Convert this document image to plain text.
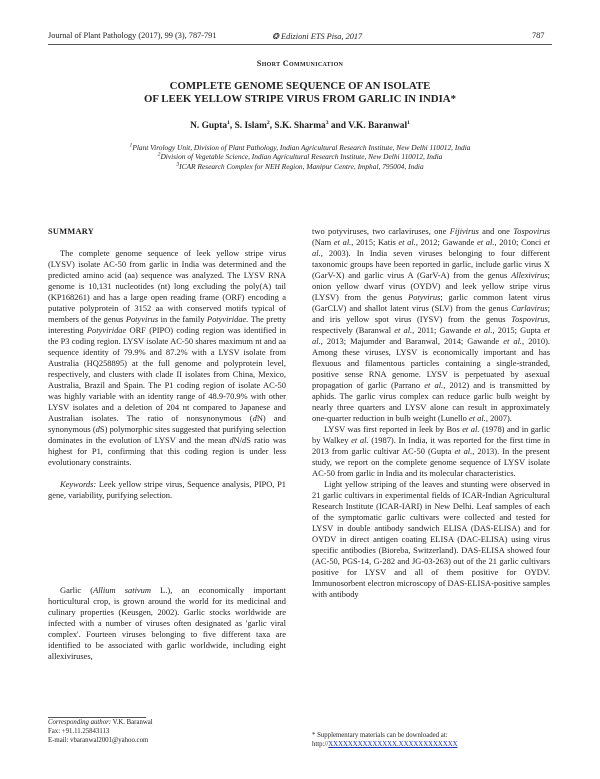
Journal of Plant Pathology (2017), 99 (3), 787-791	❂ Edizioni ETS Pisa, 2017	787
Short Communication
COMPLETE GENOME SEQUENCE OF AN ISOLATE
OF LEEK YELLOW STRIPE VIRUS FROM GARLIC IN INDIA*
N. Gupta$^1$, S. Islam$^2$, S.K. Sharma$^3$ and V.K. Baranwal$^1$
$^1$Plant Virology Unit, Division of Plant Pathology, Indian Agricultural Research Institute, New Delhi 110012, India
$^2$Division of Vegetable Science, Indian Agricultural Research Institute, New Delhi 110012, India
$^3$ICAR Research Complex for NEH Region, Manipur Centre, Imphal, 795004, India

SUMMARY

The complete genome sequence of leek yellow stripe virus (LYSV) isolate AC-50 from garlic in India was determined and the predicted amino acid (aa) sequence was analyzed. The LYSV RNA genome is 10,131 nucleotides (nt) long excluding the poly(A) tail (KP168261) and has a large open reading frame (ORF) encoding a putative polyprotein of 3152 aa with conserved motifs typical of members of the genus Potyvirus in the family Potyviridae. The pretty interesting Potyviridae ORF (PIPO) coding region was identified in the P3 coding region. LYSV isolate AC-50 shares maximum nt and aa sequence identity of 79.9% and 87.2% with a LYSV isolate from Australia (HQ258895) at the full genome and polyprotein level, respectively, and clusters with clade II isolates from China, Mexico, Australia, Brazil and Spain. The P1 coding region of isolate AC-50 was highly variable with an identity range of 48.9-70.9% with other LYSV isolates and a deletion of 204 nt compared to Japanese and Australian isolates. The ratio of nonsynonymous (dN) and synonymous (dS) polymorphic sites suggested that purifying selection dominates in the evolution of LYSV and the mean dN/dS ratio was highest for P1, confirming that this coding region is under less evolutionary constraints.

Keywords: Leek yellow stripe virus, Sequence analysis, PIPO, P1 gene, variability, purifying selection.

Garlic (Allium sativum L.), an economically important horticultural crop, is grown around the world for its medicinal and culinary properties (Keusgen, 2002). Garlic stocks worldwide are infected with a number of viruses often designated as 'garlic viral complex'. Fourteen viruses belonging to five different taxa are identified to be associated with garlic worldwide, including eight allexiviruses,

two potyviruses, two carlaviruses, one Fijivirus and one Tospovirus (Nam et al., 2015; Katis et al., 2012; Gawande et al., 2010; Conci et al., 2003). In India seven viruses belonging to four different taxonomic groups have been reported in garlic, include garlic virus X (GarV-X) and garlic virus A (GarV-A) from the genus Allexivirus; onion yellow dwarf virus (OYDV) and leek yellow stripe virus (LYSV) from the genus Potyvirus; garlic common latent virus (GarCLV) and shallot latent virus (SLV) from the genus Carlavirus; and iris yellow spot virus (IYSV) from the genus Tospovirus, respectively (Baranwal et al., 2011; Gawande et al., 2015; Gupta et al., 2013; Majumder and Baranwal, 2014; Gawande et al., 2010). Among these viruses, LYSV is economically important and has flexuous and filamentous particles containing a single-stranded, positive sense RNA genome. LYSV is perpetuated by asexual propagation of garlic (Parrano et al., 2012) and is transmitted by aphids. The garlic virus complex can reduce garlic bulb weight by nearly three quarters and LYSV alone can result in approximately one-quarter reduction in bulb weight (Lunello et al., 2007).

LYSV was first reported in leek by Bos et al. (1978) and in garlic by Walkey et al. (1987). In India, it was reported for the first time in 2013 from garlic cultivar AC-50 (Gupta et al., 2013). In the present study, we report on the complete genome sequence of LYSV isolate AC-50 from garlic in India and its molecular characteristics.

Light yellow striping of the leaves and stunting were observed in 21 garlic cultivars in experimental fields of ICAR-Indian Agricultural Research Institute (ICAR-IARI) in New Delhi. Leaf samples of each of the symptomatic garlic cultivars were collected and tested for LYSV in double antibody sandwich ELISA (DAS-ELISA) and for OYDV in direct antigen coating ELISA (DAC-ELISA) using virus specific antibodies (Bioreba, Switzerland). DAS-ELISA showed four (AC-50, PGS-14, G-282 and JG-03-263) out of the 21 garlic cultivars positive for LYSV and all of them positive for OYDV. Immunosorbent electron microscopy of DAS-ELISA-positive samples with antibody

Corresponding author: V.K. Baranwal
Fax: +91.11.25843113
E-mail: vbaranwal2001@yahoo.com
* Supplementary materials can be downloaded at:
http://XXXXXXXXXXXXXX.XXXXXXXXXXXX
